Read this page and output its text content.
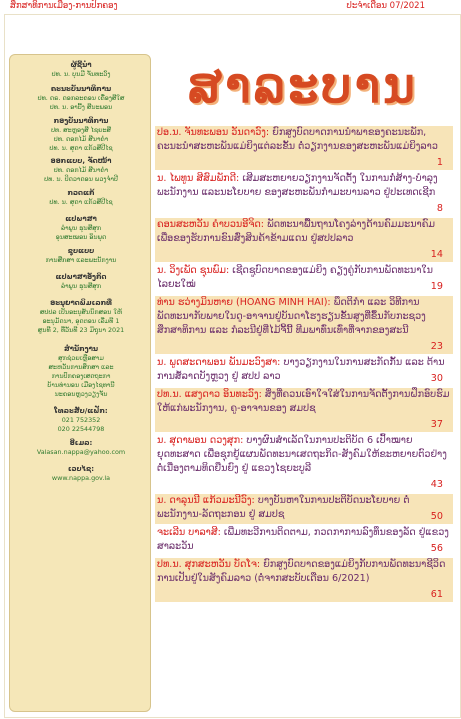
ສຶກສາທິການເມືອງ-ການປົກຄອງ	ປະຈໍາເດືອນ 07/2021
ຜູ້ຊີ້ນໍາ
ປທ. ນ. ບຸນມີ ຈັນທະວົງ
ຄະນະບັນນາທິການ
ປທ. ດຣ. ດອກລະຄອນ ເຄື່ອງສີໃສ
ປທ. ນ. ອາບີ້ງ ສີນະພອນ
ກອງບັນນາທິການ
ປທ. ສະຫຼອງສີ ໄຊຍະສີ
ປທ. ດອກໄມ້ ສີນາຄຳ
ປທ. ນ. ສຸດາ ແກ້ວສີປີໄຊ
ອອກແບບ, ຈັດໜ້າ
ປທ. ດອກໄມ້ ສີນາຄຳ
ປທ. ນ. ປິດວາດອນ ພວງຈຳປີ
ກວດແກ້
ປທ. ນ. ສຸດາ ແກ້ວສີປີໄຊ
ແປພາສາ
ລຳພູນ ຮຸນສີສຸກ
ອຸນສະໝອນ ອິນພຸດ
ຊຸບແບບ
ການສືກສາ ແລະພະນັກງານ
ແປພາສາອັງກິດ
ລຳພູນ ຮຸນສີສຸກ
ອະນຸຍາດພິມເລກທີ່
ສປປລ ເປັນອະນຸສັນນິກສອນ ໃຫ້
ອະນຸມັດນາ, ອຸດຕອນ ເລີ່ມທີ 1
ສູນທີ 2, ທີ່ວັນທີ 23 ມິຖຸນາ 2021
ສຳນັກງານ
ສຸກຊ່ວຍເຫຼືອສາມ
ສະຫວັນການສຶກສາ ແລະ
ການປົກຄອງເສດຖະກາ
ບ້ານທ່ານອນ ເມືອງໄຊທານີ
ນະຄອນຫຼວງວຽງຈັນ
ໂທລະສັບ/ແຟັກ:
021 752352
020 22544798
ອີເມລ:
Valasan.nappa@yahoo.com
ເວບໄຊ:
www.nappa.gov.la
ສາລະບານ
ປອ.ນ. ຈັນທະພອນ ວັນດາວົງ: ຍົກສູງບົດບາດການນຳພາຂອງຄະນະພັກ, ຄະນະນຳສະຫະພັນແມ່ຍິງແຕ່ລະຂັ້ນ ຕໍ່ວຽກງານຂອງສະຫະພັນແມ່ຍິງລາວ
1
ນ. ໄພທູນ ສີສົມພັກດີ: ເສີມສະຫຍາຍວຽກງານຈັດຕັ້ງ ໃນການກໍ່ສ້າງ-ບຳລຸງພະນັກງານ ແລະນະໂຍບາຍ ຂອງສະຫະພັນກຳມະບານລາວ ຢູ່ປະເທດເຊີກ
8
ຄອນສະຫວັນ ຄຳບວນອີຈິດ: ພັດທະນາພື້ນຖານໂຄງລ່າງດ້ານຄົມມະນາຄົມ ເພື່ອຂອງຮັບການຂົນສົ່ງສິນຄ້າຂ້າມແດນ ຢູ່ສປປລາວ
14
ນ. ວິງເພັດ ຊຸນພົມ: ເຊີດຊູບົດບາດຂອງແມ່ຍິງ ຄຽງຄູ່ກັບການພັດທະນາໃນໄລຍະໃໝ່	19
ທ່ານ ຮວ່າງມິນຫາຍ (HOANG MINH HAI): ພຶດຕິກຳ ແລະ ວິທີການພັດທະນາກັບພາຍໃນດູ-ອາຈານຢູ່ບັນດາໂຮງຮຽນຂັ້ນສູງທີ່ຂຶ້ນກັບກະຊວງສຶກສາທິການ ແລະ ກໍລະນີຢູ່ທີ່ໄມ້ຈີ້ນີ້ ທີມພາທົ່ນເທົ່າທີ່ຈາກຂອງສະນີ
23
ນ. ພູດສະດາພອນ ພັນມະວົງສາ: ບາງວຽກງານໃນການສະກັດກັ້ນ ແລະ ຕ້ານການສໍ້ລາດບັງຫຼວງ ຢູ່ ສປປ ລາວ	30
ປທ.ນ. ແສງດາວ ອິນທະວົງ: ສິ່ງທີ່ຄວນເອົາໃຈໃສ່ໃນການຈັດຕັ້ງການຝຶກອົບຮົມໃຫ້ແກ່ພະນັກງານ, ຄູ-ອາຈານຂອງ ສມປຊ
37
ນ. ສຸດາພອນ ດວງສຸກ: ບາງຜົນສຳເລັດໃນການປະຕິບັດ 6 ເປົ້າໝາຍຍຸດທະສາດ ເພື່ອຊຸກຍູ້ແຜນພັດທະນາເສດຖະກິດ-ສັງຄົມໃຫ້ຂະຫຍາຍຕົວຢ່າງຕໍ່ເນື່ອງຕາມທິດຍືນຍົງ ຢູ່ ແຂວງໄຊຍະບູລີ
43
ນ. ດາລຸນນີ ແກ້ວມະນີວົງ: ບາງບັນຫາໃນການປະຕິບັດນະໂຍບາຍ ຕໍ່ພະນັກງານ-ລັດຖະກອນ ຢູ່ ສມປຊ	50
ຈະເລີນ ບາລາສີ: ເພີ່ມທະວີການຕິດຕາມ, ກວດກາການລົງທຶນຂອງລັດ ຢູ່ແຂວງສາລະວັນ	56
ປທ.ນ. ສຸກສະຫວັນ ບັດໂຈ: ຍົກສູງບົດບາດຂອງແມ່ຍິງກັບການພັດທະນາຊີວິດການເປັນຢູ່ໃນສັງຄົມລາວ (ຕໍ່ຈາກສະບັບເດືອນ 6/2021)
61
